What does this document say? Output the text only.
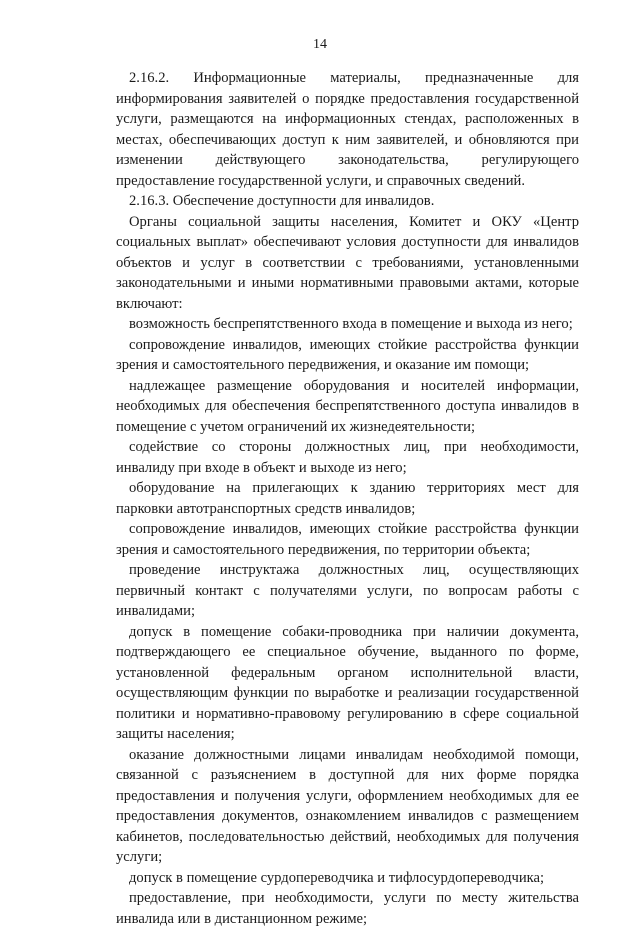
14

2.16.2. Информационные материалы, предназначенные для информирования заявителей о порядке предоставления государственной услуги, размещаются на информационных стендах, расположенных в местах, обеспечивающих доступ к ним заявителей, и обновляются при изменении действующего законодательства, регулирующего предоставление государственной услуги, и справочных сведений.

2.16.3. Обеспечение доступности для инвалидов.

Органы социальной защиты населения, Комитет и ОКУ «Центр социальных выплат» обеспечивают условия доступности для инвалидов объектов и услуг в соответствии с требованиями, установленными законодательными и иными нормативными правовыми актами, которые включают:

возможность беспрепятственного входа в помещение и выхода из него;

сопровождение инвалидов, имеющих стойкие расстройства функции зрения и самостоятельного передвижения, и оказание им помощи;

надлежащее размещение оборудования и носителей информации, необходимых для обеспечения беспрепятственного доступа инвалидов в помещение с учетом ограничений их жизнедеятельности;

содействие со стороны должностных лиц, при необходимости, инвалиду при входе в объект и выходе из него;

оборудование на прилегающих к зданию территориях мест для парковки автотранспортных средств инвалидов;

сопровождение инвалидов, имеющих стойкие расстройства функции зрения и самостоятельного передвижения, по территории объекта;

проведение инструктажа должностных лиц, осуществляющих первичный контакт с получателями услуги, по вопросам работы с инвалидами;

допуск в помещение собаки-проводника при наличии документа, подтверждающего ее специальное обучение, выданного по форме, установленной федеральным органом исполнительной власти, осуществляющим функции по выработке и реализации государственной политики и нормативно-правовому регулированию в сфере социальной защиты населения;

оказание должностными лицами инвалидам необходимой помощи, связанной с разъяснением в доступной для них форме порядка предоставления и получения услуги, оформлением необходимых для ее предоставления документов, ознакомлением инвалидов с размещением кабинетов, последовательностью действий, необходимых для получения услуги;

допуск в помещение сурдопереводчика и тифлосурдопереводчика;

предоставление, при необходимости, услуги по месту жительства инвалида или в дистанционном режиме;
